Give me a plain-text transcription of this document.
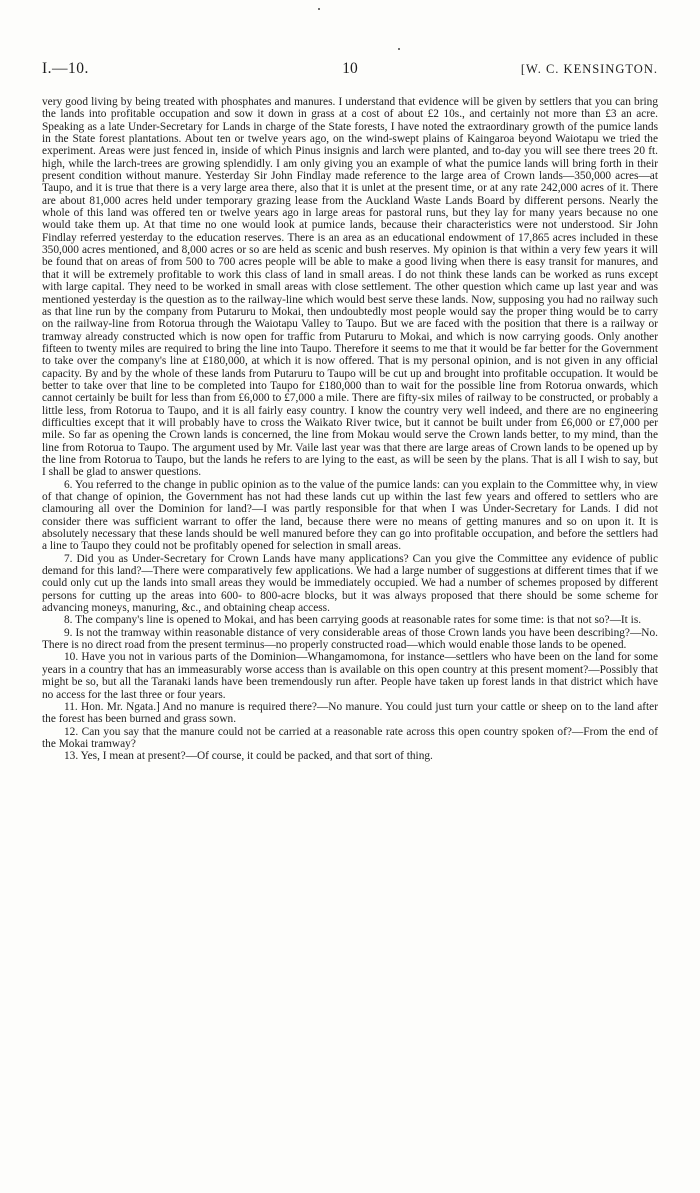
I.—10.	10	[W. C. KENSINGTON.

very good living by being treated with phosphates and manures. I understand that evidence will be given by settlers that you can bring the lands into profitable occupation and sow it down in grass at a cost of about £2 10s., and certainly not more than £3 an acre. Speaking as a late Under-Secretary for Lands in charge of the State forests, I have noted the extraordinary growth of the pumice lands in the State forest plantations. About ten or twelve years ago, on the wind-swept plains of Kaingaroa beyond Waiotapu we tried the experiment. Areas were just fenced in, inside of which Pinus insignis and larch were planted, and to-day you will see there trees 20 ft. high, while the larch-trees are growing splendidly. I am only giving you an example of what the pumice lands will bring forth in their present condition without manure. Yesterday Sir John Findlay made reference to the large area of Crown lands—350,000 acres—at Taupo, and it is true that there is a very large area there, also that it is unlet at the present time, or at any rate 242,000 acres of it. There are about 81,000 acres held under temporary grazing lease from the Auckland Waste Lands Board by different persons. Nearly the whole of this land was offered ten or twelve years ago in large areas for pastoral runs, but they lay for many years because no one would take them up. At that time no one would look at pumice lands, because their characteristics were not understood. Sir John Findlay referred yesterday to the education reserves. There is an area as an educational endowment of 17,865 acres included in these 350,000 acres mentioned, and 8,000 acres or so are held as scenic and bush reserves. My opinion is that within a very few years it will be found that on areas of from 500 to 700 acres people will be able to make a good living when there is easy transit for manures, and that it will be extremely profitable to work this class of land in small areas. I do not think these lands can be worked as runs except with large capital. They need to be worked in small areas with close settlement. The other question which came up last year and was mentioned yesterday is the question as to the railway-line which would best serve these lands. Now, supposing you had no railway such as that line run by the company from Putaruru to Mokai, then undoubtedly most people would say the proper thing would be to carry on the railway-line from Rotorua through the Waiotapu Valley to Taupo. But we are faced with the position that there is a railway or tramway already constructed which is now open for traffic from Putaruru to Mokai, and which is now carrying goods. Only another fifteen to twenty miles are required to bring the line into Taupo. Therefore it seems to me that it would be far better for the Government to take over the company's line at £180,000, at which it is now offered. That is my personal opinion, and is not given in any official capacity. By and by the whole of these lands from Putaruru to Taupo will be cut up and brought into profitable occupation. It would be better to take over that line to be completed into Taupo for £180,000 than to wait for the possible line from Rotorua onwards, which cannot certainly be built for less than from £6,000 to £7,000 a mile. There are fifty-six miles of railway to be constructed, or probably a little less, from Rotorua to Taupo, and it is all fairly easy country. I know the country very well indeed, and there are no engineering difficulties except that it will probably have to cross the Waikato River twice, but it cannot be built under from £6,000 or £7,000 per mile. So far as opening the Crown lands is concerned, the line from Mokau would serve the Crown lands better, to my mind, than the line from Rotorua to Taupo. The argument used by Mr. Vaile last year was that there are large areas of Crown lands to be opened up by the line from Rotorua to Taupo, but the lands he refers to are lying to the east, as will be seen by the plans. That is all I wish to say, but I shall be glad to answer questions.

6. You referred to the change in public opinion as to the value of the pumice lands: can you explain to the Committee why, in view of that change of opinion, the Government has not had these lands cut up within the last few years and offered to settlers who are clamouring all over the Dominion for land?—I was partly responsible for that when I was Under-Secretary for Lands. I did not consider there was sufficient warrant to offer the land, because there were no means of getting manures and so on upon it. It is absolutely necessary that these lands should be well manured before they can go into profitable occupation, and before the settlers had a line to Taupo they could not be profitably opened for selection in small areas.

7. Did you as Under-Secretary for Crown Lands have many applications? Can you give the Committee any evidence of public demand for this land?—There were comparatively few applications. We had a large number of suggestions at different times that if we could only cut up the lands into small areas they would be immediately occupied. We had a number of schemes proposed by different persons for cutting up the areas into 600- to 800-acre blocks, but it was always proposed that there should be some scheme for advancing moneys, manuring, &c., and obtaining cheap access.

8. The company's line is opened to Mokai, and has been carrying goods at reasonable rates for some time: is that not so?—It is.

9. Is not the tramway within reasonable distance of very considerable areas of those Crown lands you have been describing?—No. There is no direct road from the present terminus—no properly constructed road—which would enable those lands to be opened.

10. Have you not in various parts of the Dominion—Whangamomona, for instance—settlers who have been on the land for some years in a country that has an immeasurably worse access than is available on this open country at this present moment?—Possibly that might be so, but all the Taranaki lands have been tremendously run after. People have taken up forest lands in that district which have no access for the last three or four years.

11. Hon. Mr. Ngata.] And no manure is required there?—No manure. You could just turn your cattle or sheep on to the land after the forest has been burned and grass sown.

12. Can you say that the manure could not be carried at a reasonable rate across this open country spoken of?—From the end of the Mokai tramway?

13. Yes, I mean at present?—Of course, it could be packed, and that sort of thing.
